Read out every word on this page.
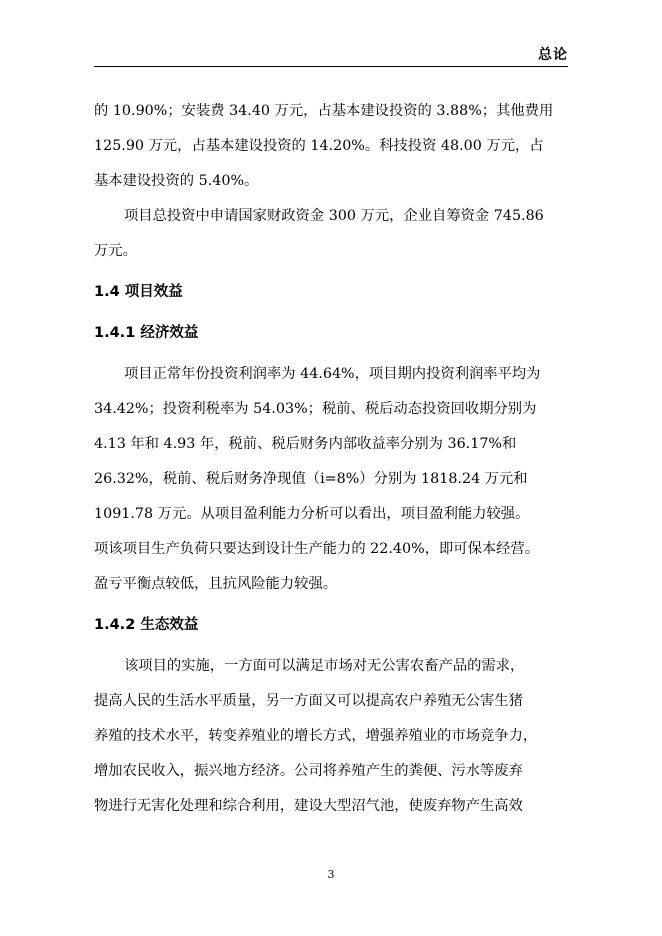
总论

的 10.90%；安装费 34.40 万元，占基本建设投资的 3.88%；其他费用

125.90 万元，占基本建设投资的 14.20%。科技投资 48.00 万元，占

基本建设投资的 5.40%。

项目总投资中申请国家财政资金 300 万元，企业自筹资金 745.86

万元。

1.4 项目效益

1.4.1 经济效益

项目正常年份投资利润率为 44.64%，项目期内投资利润率平均为

34.42%；投资利税率为 54.03%；税前、税后动态投资回收期分别为

4.13 年和 4.93 年，税前、税后财务内部收益率分别为 36.17%和

26.32%，税前、税后财务净现值（i=8%）分别为 1818.24 万元和

1091.78 万元。从项目盈利能力分析可以看出，项目盈利能力较强。

项该项目生产负荷只要达到设计生产能力的 22.40%，即可保本经营。

盈亏平衡点较低，且抗风险能力较强。

1.4.2 生态效益

该项目的实施，一方面可以满足市场对无公害农畜产品的需求，

提高人民的生活水平质量，另一方面又可以提高农户养殖无公害生猪

养殖的技术水平，转变养殖业的增长方式，增强养殖业的市场竞争力，

增加农民收入，振兴地方经济。公司将养殖产生的粪便、污水等废弃

物进行无害化处理和综合利用，建设大型沼气池，使废弃物产生高效

3
